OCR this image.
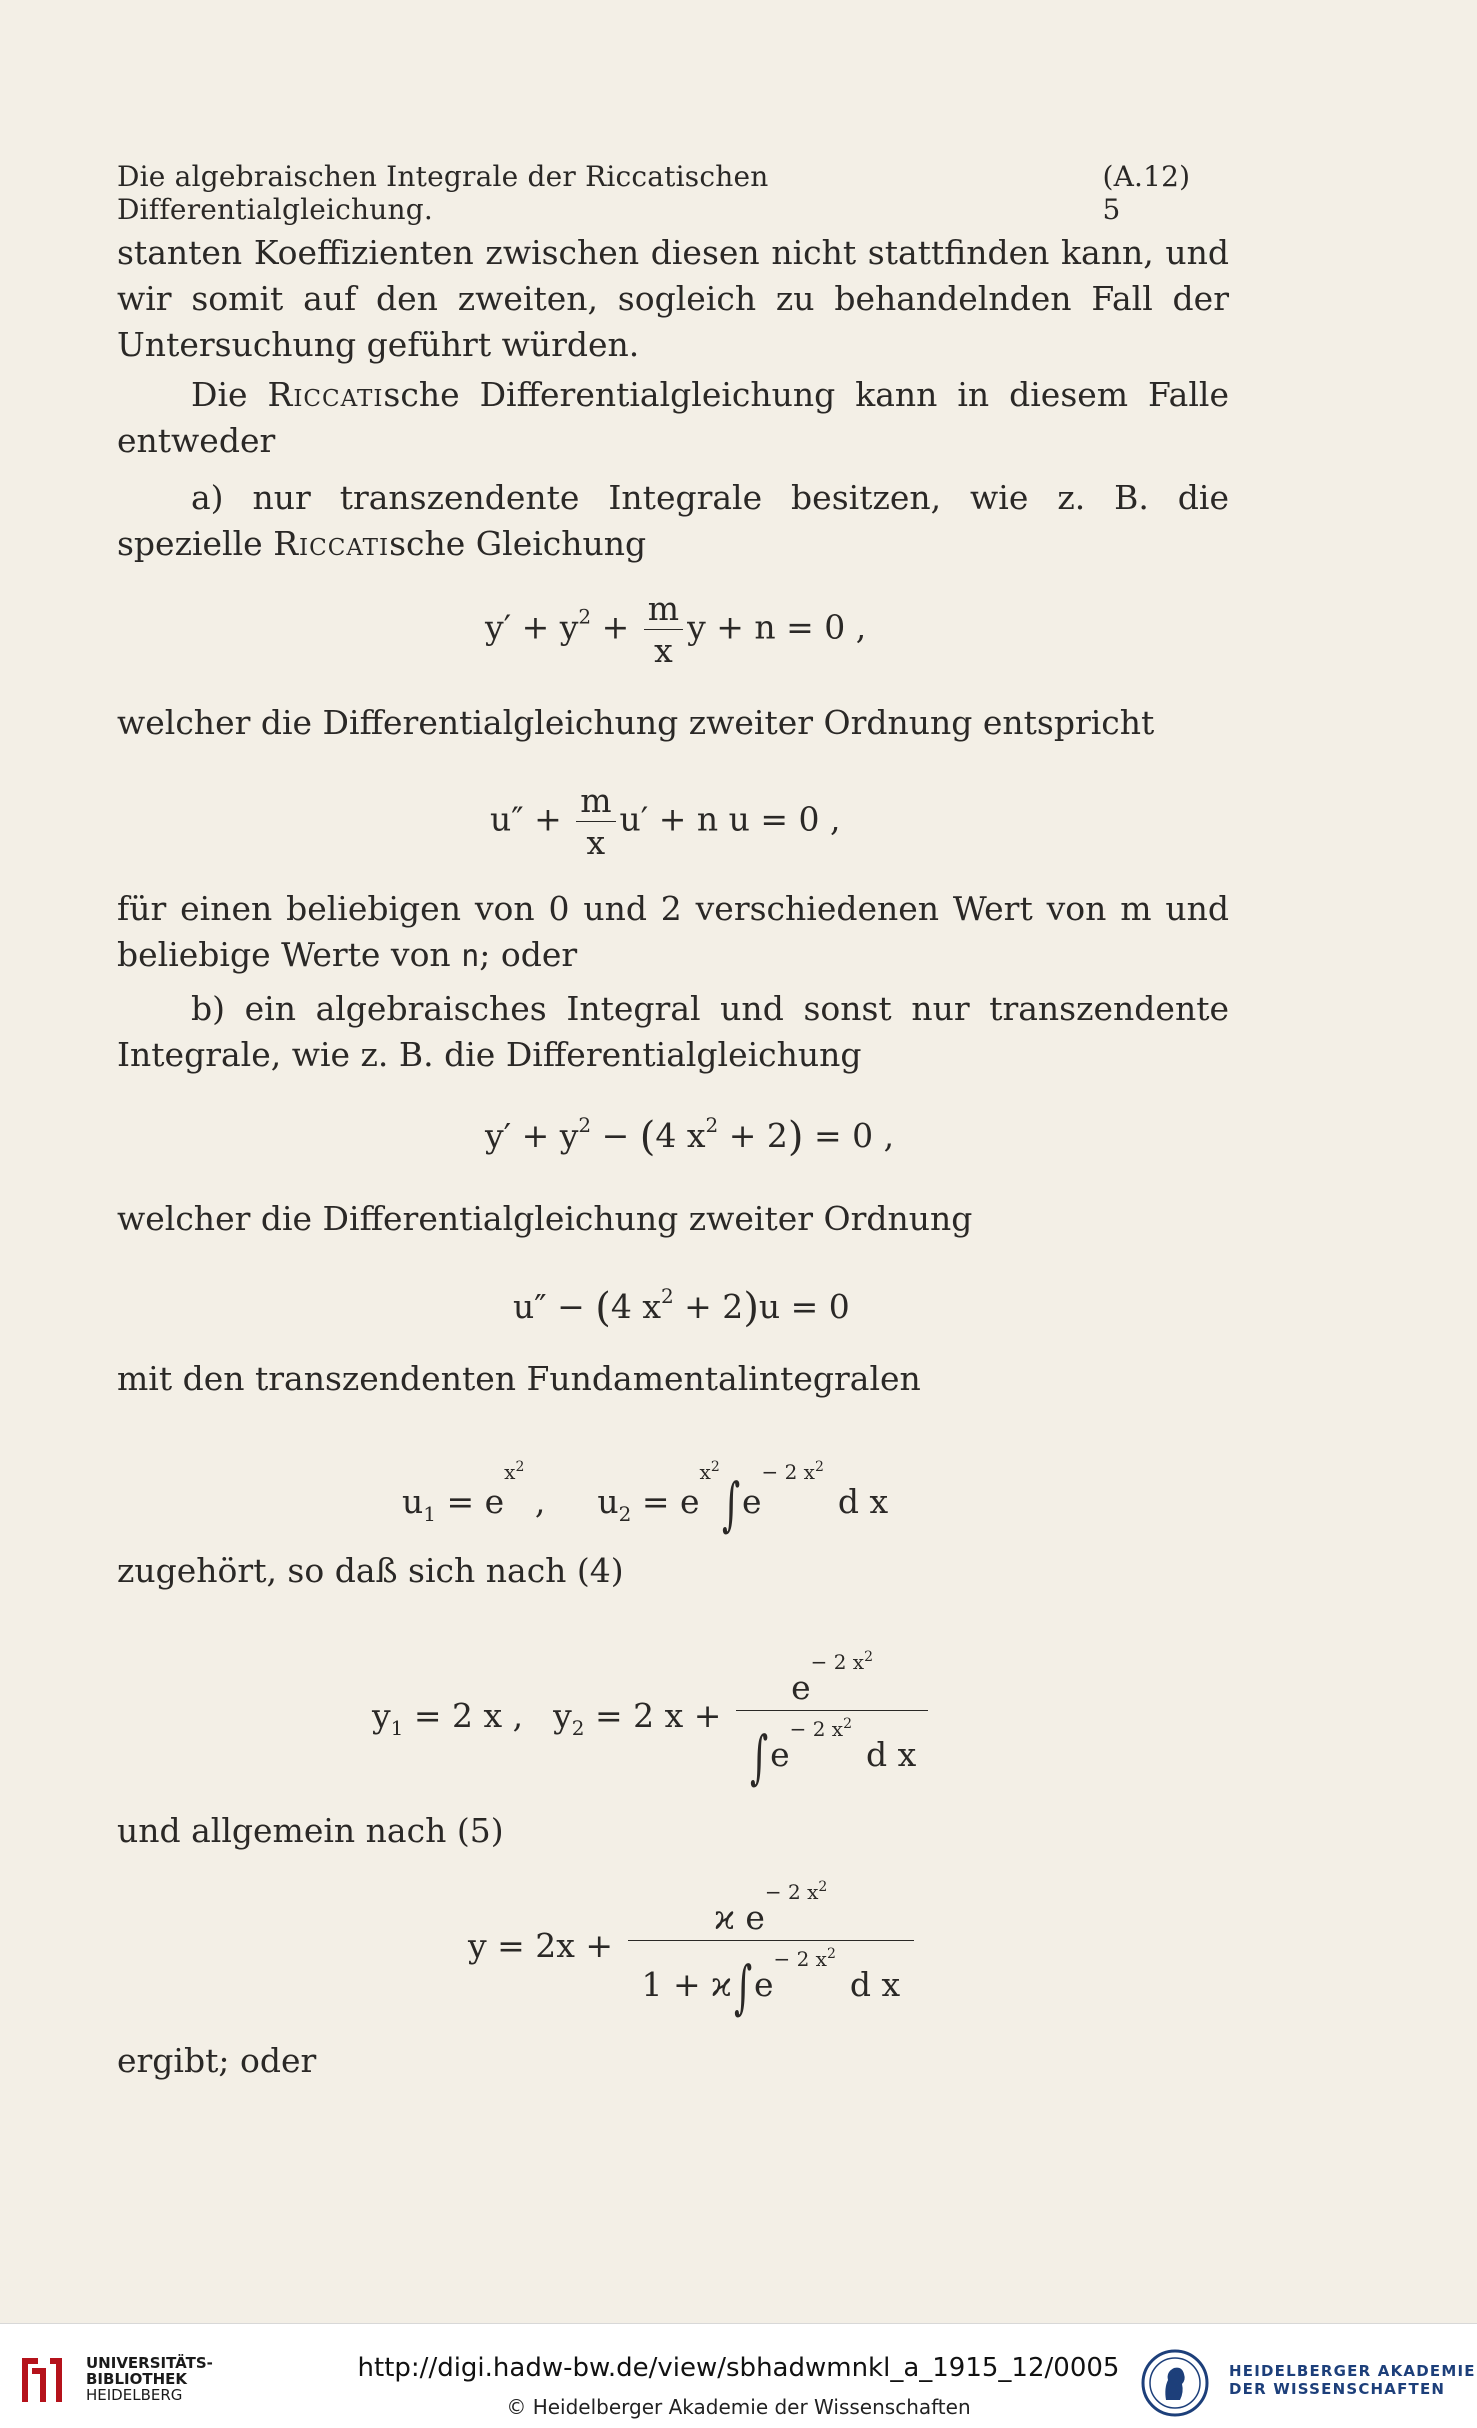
Die algebraischen Integrale der Riccatischen Differentialgleichung.
(A.12) 5
stanten Koeffizienten zwischen diesen nicht stattfinden kann, und wir somit auf den zweiten, sogleich zu behandelnden Fall der Untersuchung geführt würden.
Die Riccatische Differentialgleichung kann in diesem Falle entweder
a) nur transzendente Integrale besitzen, wie z. B. die spezielle Riccatische Gleichung
$y' + y^2 + \frac{m}{x}$ y + n = 0 ,
welcher die Differentialgleichung zweiter Ordnung entspricht
$u'' + \frac{m}{x} u' + n$ u = 0 ,
für einen beliebigen von 0 und 2 verschiedenen Wert von m und beliebige Werte von n; oder
b) ein algebraisches Integral und sonst nur transzendente Integrale, wie z. B. die Differentialgleichung
$y' + y^2 - (4$ $x^2 + 2) = 0$ ,
welcher die Differentialgleichung zweiter Ordnung
u″ − (4 $x^2 + 2)u = 0$
mit den transzendenten Fundamentalintegralen
$u_1 = e^{x^2}$ , $u_2 = e^{x^2}\int e^{- 2 x^2}d$ x
zugehört, so daß sich nach (4)
$y_1 = 2$ x , $y_2 = 2$ $x + \frac{e^{- 2 x^2}}{\int e^{- 2 x^2}d x}$
und allgemein nach (5)
$y = 2x + \frac{ϰ e^{- 2 x^2}}{1 + ϰ\int e^{- 2 x^2}d x}$
ergibt; oder
UNIVERSITÄTS-
BIBLIOTHEK
HEIDELBERG
http://digi.hadw-bw.de/view/sbhadwmnkl_a_1915_12/0005
© Heidelberger Akademie der Wissenschaften
HEIDELBERGER AKADEMIE
DER WISSENSCHAFTEN
